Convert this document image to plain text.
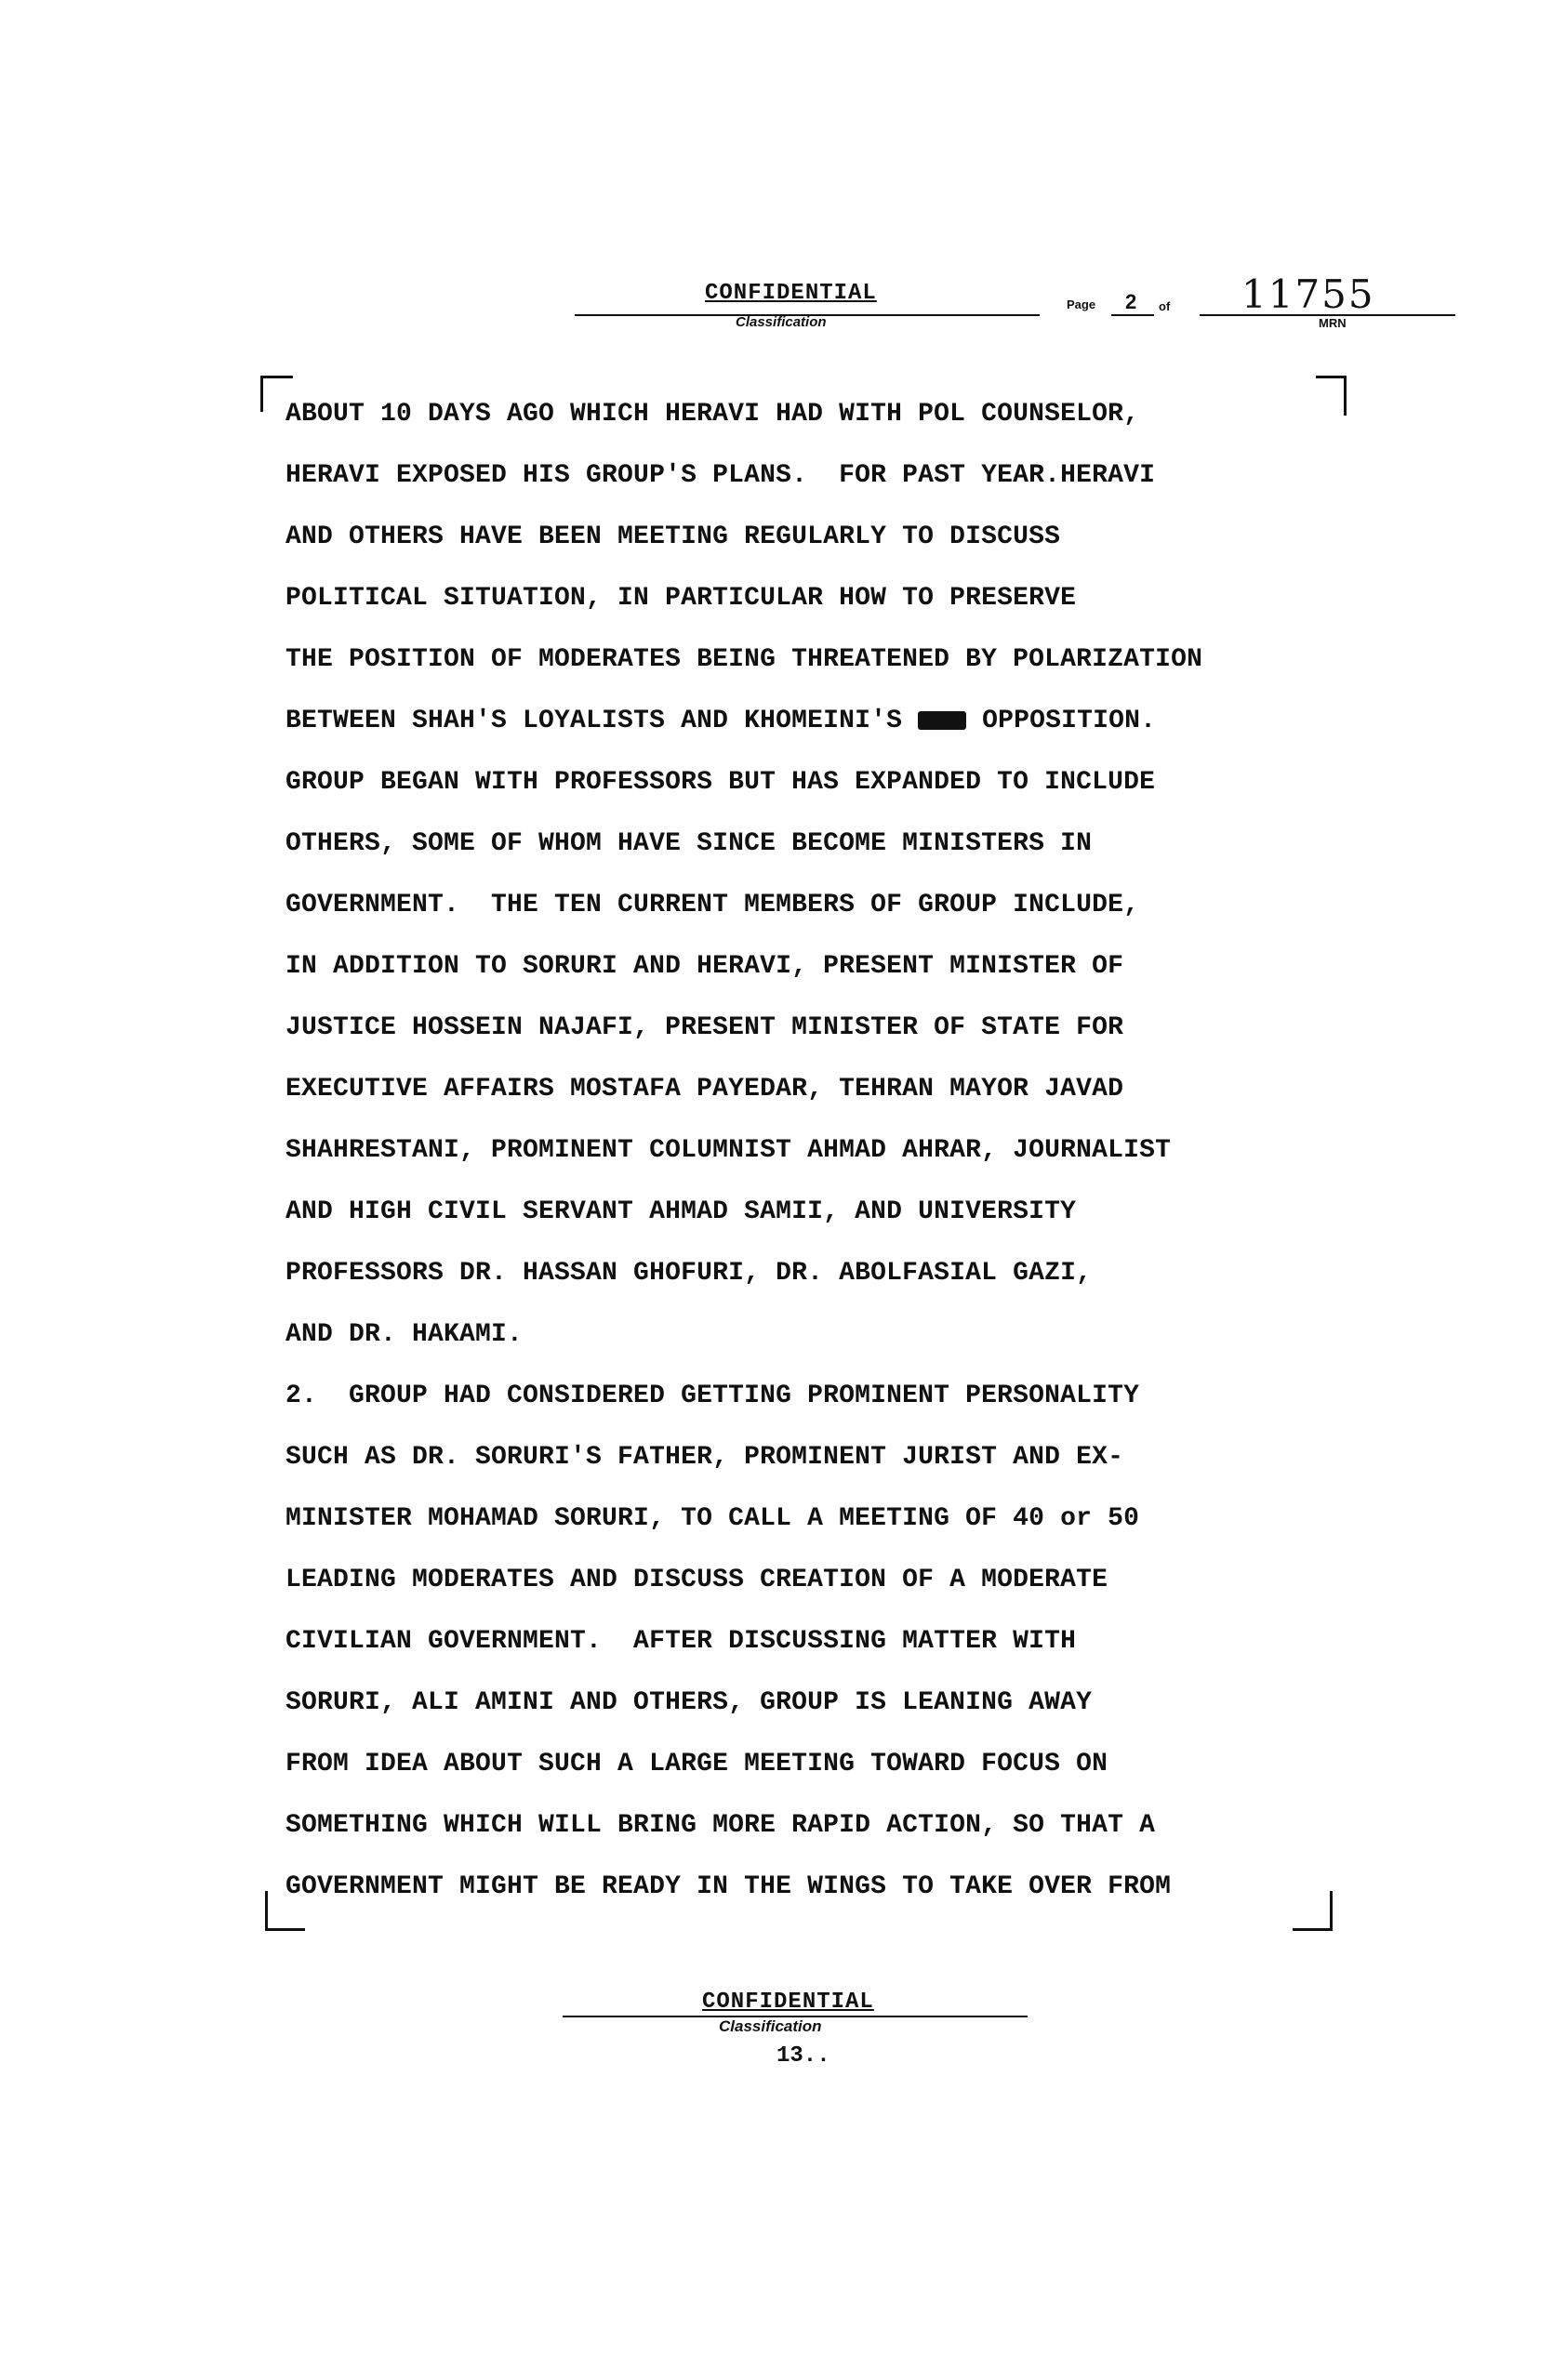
CONFIDENTIAL
Classification
Page 2 of 11755
MRN
ABOUT 10 DAYS AGO WHICH HERAVI HAD WITH POL COUNSELOR,
HERAVI EXPOSED HIS GROUP'S PLANS.  FOR PAST YEAR.HERAVI
AND OTHERS HAVE BEEN MEETING REGULARLY TO DISCUSS
POLITICAL SITUATION, IN PARTICULAR HOW TO PRESERVE
THE POSITION OF MODERATES BEING THREATENED BY POLARIZATION
BETWEEN SHAH'S LOYALISTS AND KHOMEINI'S	OPPOSITION.
GROUP BEGAN WITH PROFESSORS BUT HAS EXPANDED TO INCLUDE
OTHERS, SOME OF WHOM HAVE SINCE BECOME MINISTERS IN
GOVERNMENT.  THE TEN CURRENT MEMBERS OF GROUP INCLUDE,
IN ADDITION TO SORURI AND HERAVI, PRESENT MINISTER OF
JUSTICE HOSSEIN NAJAFI, PRESENT MINISTER OF STATE FOR
EXECUTIVE AFFAIRS MOSTAFA PAYEDAR, TEHRAN MAYOR JAVAD
SHAHRESTANI, PROMINENT COLUMNIST AHMAD AHRAR, JOURNALIST
AND HIGH CIVIL SERVANT AHMAD SAMII, AND UNIVERSITY
PROFESSORS DR. HASSAN GHOFURI, DR. ABOLFASIAL GAZI,
AND DR. HAKAMI.
2.  GROUP HAD CONSIDERED GETTING PROMINENT PERSONALITY
SUCH AS DR. SORURI'S FATHER, PROMINENT JURIST AND EX-
MINISTER MOHAMAD SORURI, TO CALL A MEETING OF 40 or 50
LEADING MODERATES AND DISCUSS CREATION OF A MODERATE
CIVILIAN GOVERNMENT.  AFTER DISCUSSING MATTER WITH
SORURI, ALI AMINI AND OTHERS, GROUP IS LEANING AWAY
FROM IDEA ABOUT SUCH A LARGE MEETING TOWARD FOCUS ON
SOMETHING WHICH WILL BRING MORE RAPID ACTION, SO THAT A
GOVERNMENT MIGHT BE READY IN THE WINGS TO TAKE OVER FROM
CONFIDENTIAL
Classification
13..
